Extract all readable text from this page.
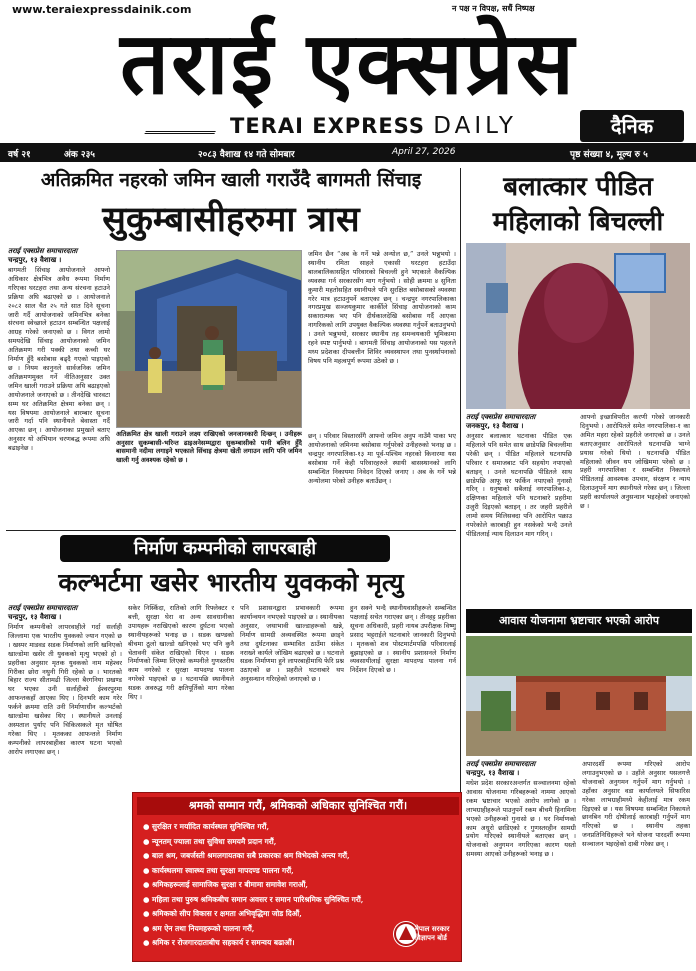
www.teraiexpressdainik.com	न पक्ष न विपक्ष, सधैं निष्पक्ष
तराई एक्सप्रेस
TERAI EXPRESS DAILY	दैनिक
वर्ष २१	अंक २३५	२०८३ वैशाख १४ गते सोमबार	April 27, 2026	पृष्ठ संख्या ४, मूल्य रु ५
अतिक्रमित नहरको जमिन खाली गराउँदै बागमती सिंचाइ
सुकुम्बासीहरुमा त्रास
बलात्कार पीडित
महिलाको बिचल्ली
तराई एक्सप्रेस समाचारदाता
चन्द्रपुर, १३ वैशाख ।
बागमती सिंचाइ आयोजनाले आफ्नो अधिकार क्षेत्रभित्र अवैध रूपमा निर्माण गरिएका घरटहरा तथा अन्य संरचना हटाउने प्रक्रिया अघि बढाएको छ । आयोजनाले २०८२ साल चैत २५ गते सात दिने सूचना जारी गर्दै आयोजनाको जमिनभित्र बनेका संरचना स्वेच्छाले हटाउन सम्बन्धित पक्षलाई आग्रह गरेको जनाएको छ । विगत लामो समयदेखि सिंचाइ आयोजनाको जमिन अतिक्रमण गरी पक्की तथा कच्ची घर निर्माण हुँदै बसोबास बढ्दै गएको पाइएको छ । नियम कानुनले सार्वजनिक जमिन अतिक्रमणमुक्त गर्ने नीतिअनुसार उक्त जमिन खाली गराउने प्रक्रिया अघि बढाइएको आयोजनाले जनाएको छ । तीनदेखि चारवटा सम्म घर अतिक्रमित क्षेत्रमा बनेका छन् । यस विषयमा आयोजनाले बारम्बार सूचना जारी गर्दा पनि स्थानीयले बेवास्ता गर्दै आएका छन् । आयोजनाका प्रमुखले बताए अनुसार यो अभियान चरणबद्ध रूपमा अघि बढाइनेछ ।
अतिक्रमित क्षेत्र खाली गराउने लक्ष्य राखिएको जनजानकारी दिन्छन् । उनीहरू अनुसार सुकम्बासी-भरिन्त ढाइअनेसम्मद्वारा सुकम्बासीको पानी बलिन हुँदै बासमानी नदीमा लगाइने भएकाले सिंचाइ क्षेत्रमा खेती लगाउन लागि पनि जमिन खाली गर्नु अवश्यक रहेको छ ।
जमिन छैन “अब के गर्ने भन्ने अन्योल छ,” उनले भन्नुभयो । स्थानीय रमिता साहले एकासी घरटहरा हटाउँदा बालबालिकासहित परिवारको बिचल्ली हुने भएकाले वैकल्पिक व्यवस्था गर्न सरकारसँग माग गर्नुभयो । सोही क्रममा ४ सुनिता कुमारी महतोसहित स्थानीयले पनि सुरक्षित बसोबासको व्यवस्था गरेर मात्र हटाउनुपर्ने बताएका छन् । चन्द्रपुर नगरपालिकाका नगरप्रमुख सञ्जयकुमार कार्कीले सिंचाइ आयोजनाको काम सकारात्मक भए पनि दीर्घकालदेखि बसोबास गर्दै आएका नागरिकको लागि उपयुक्त वैकल्पिक व्यवस्था गर्नुपर्ने बताउनुभयो । उनले भन्नुभयो, सरकार स्थानीय तह समन्वयकारी भूमिकामा रहने स्पष्ट पार्नुभयो । बागमती सिंचाइ आयोजनाको यस पहलले मध्य प्रदेशका दीपबत्तीन शिविर व्यवस्थापन तथा पुनर्स्थापनाको विषय पनि महत्वपूर्ण रूपमा उठेको छ ।
छन् । परिवार विस्तारसँगै आफ्नो जमिन अनुप नाउँमै पाका भए आयोजनाको जमिनमा बसोबास गर्नुपरेको उनीहरुको भनाइ छ । चन्द्रपुर नगरपालिका-१३ मा पूर्व-पश्चिम नहरको किनारमा यस बसोबास गर्ने केही परिवारहरुले स्थायी बासस्थानको लागि सम्बन्धित निकायमा निवेदन दिएको जनाए । अब के गर्ने भन्ने अन्योलमा परेको उनीहरु बताउँछन् ।
तराई एक्सप्रेस समाचारदाता
जनकपुर, १३ वैशाख ।
अनुसार बलात्कार घटनाका पीडित एक महिलाले पनि समेत साथ छाडेपछि बिचल्लीमा परेकी छन् । पीडित महिलाले घटनापछि परिवार र समाजबाट पनि सहयोग नपाएको बताइन् । उनले घटनापछि पीडितले साथ छाडेपछि आफू घर फर्किन नपाएको गुनासो गरिन् । धनुषाको सबैलाई नगरपालिका-३, दक्षिणका महिलाले पनि घटनाबारे प्रहरीमा उजुरी दिइएको बताइन् । तर जहरी प्रहरीले लामो समय मिलिसक्दा पनि आरोपित पक्राउ नपरेकोले कारबाही हुन नसकेको भन्दै उनले पीडितलाई न्याय दिलाउन माग गरिन् ।
आफ्नो इच्छाविपरीत करणी गरेको जानकारी दिनुभयो । आरोपितले समेत नगरपालिका-१ का अमित महरा रहेको प्रहरीले जनाएको छ । उनले बताएअनुसार आरोपितले घटनापछि भाग्ने प्रयास गरेको थियो । घटनापछि पीडित महिलाको जीवन थप जोखिममा परेको छ । प्रहरी नगरपालिका र सम्बन्धित निकायले पीडितलाई आवश्यक उपचार, संरक्षण र न्याय दिलाउनुपर्ने माग स्थानीयले गरेका छन् । जिल्ला प्रहरी कार्यालयले अनुसन्धान भइरहेको जनाएको छ ।
निर्माण कम्पनीको लापरबाही
कल्भर्टमा खसेर भारतीय युवकको मृत्यु
तराई एक्सप्रेस समाचारदाता
चन्द्रपुर, १३ वैशाख ।
निर्माण कम्पनीको लापरवाहीले गर्दा सर्लाही जिल्लामा एक भारतीय युवकको ज्यान गएको छ । खस्पर माडवड सडक निर्माणको लागि खनिएको खाल्डोमा खसेर ती युवकको मृत्यु भएको हो । प्रहरीका अनुसार मृतक युवकको नाम महेश्वर गिरीका छोरा नथुनी गिरी रहेको छ । भारतको बिहार राज्य सीतामढी जिल्ला बैरगनिया प्रखण्ड घर भएका उनी सर्लाहीको ईश्वरपुरमा आफन्तकहाँ आएका थिए । दिनभरि काम गरेर फर्कने क्रममा राति उनी निर्माणाधीन कल्भर्टको खाल्डोमा खसेका थिए । स्थानीयले उनलाई अस्पताल पुर्याए पनि चिकित्सकले मृत घोषित गरेका थिए । मृतकका आफन्तले निर्माण कम्पनीको लापरबाहीका कारण घटना भएको आरोप लगाएका छन् ।
सकेर निस्किँदा, रातिको लागि रिफ्लेक्टर र बत्ती, सुरक्षा घेरा वा अन्य सावधानीका उपायहरू नराखिएको कारण दुर्घटना भएको स्थानीयहरूको भनाइ छ । सडक खण्डको बीचमा ठूलो खाल्डो खनिएको भए पनि कुनै चेतावनी संकेत राखिएको थिएन । सडक निर्माणको जिम्मा लिएको कम्पनीले गुणस्तरीय काम नगरेको र सुरक्षा मापदण्ड पालना नगरेको पाइएको छ । घटनापछि स्थानीयले सडक अवरुद्ध गरी क्षतिपूर्तिको माग गरेका थिए ।
पनि प्रशासनद्वारा प्रभावकारी रूपमा कार्यान्वयन नभएको पाइएको छ । स्थानीयका अनुसार, जथाभावी खाल्डाहरूको खन्ने, निर्माण सामग्री अव्यवस्थित रूपमा छाड्ने तथा दुर्घटनाका सम्भावित ठाउँमा संकेत नराख्ने कार्यले जोखिम बढाएको छ । घटनाले सडक निर्माणमा हुने लापरबाहीमाथि फेरि प्रश्न उठाएको छ । प्रहरीले घटनाबारे थप अनुसन्धान गरिरहेको जनाएको छ ।
हुन सक्ने भन्दै स्थानीयवासीहरूले सम्बन्धित पक्षलाई सचेत गराएका छन् । तीनहट्ट प्रहरीका सूचना अधिकारी, प्रहरी नायब उपरीक्षक विष्णु प्रसाद भट्टराईले घटनाबारे जानकारी दिनुभयो । मृतकको शव पोस्टमार्टमपछि परिवारलाई बुझाइएको छ । स्थानीय प्रशासनले निर्माण व्यवसायीलाई सुरक्षा मापदण्ड पालना गर्न निर्देशन दिएको छ ।
आवास योजनामा भ्रष्टाचार भएको आरोप
तराई एक्सप्रेस समाचारदाता
चन्द्रपुर, १३ वैशाख ।
मधेश प्रदेश सरकारअन्तर्गत सञ्चालनमा रहेको आवास योजनामा गरिबहरूको नाममा आएको रकम भ्रष्टाचार भएको आरोप लागेको छ । लाभग्राहीहरूले पाउनुपर्ने रकम बीचमै हिनामिना भएको उनीहरूको गुनासो छ । घर निर्माणको काम अधुरो छाडिएको र गुणस्तरहीन सामग्री प्रयोग गरिएको स्थानीयले बताएका छन् । योजनाको अनुगमन नगरिएका कारण यस्तो समस्या आएको उनीहरूको भनाइ छ ।
अपारदर्शी रूपमा गरिएको आरोप लगाउनुभएको छ । उहाँले अनुसार यसलगत्तै योजनाको अनुगमन गर्नुपर्ने माग गर्नुभयो । उहाँका अनुसार वडा कार्यालयले सिफारिस गरेका लाभग्राहीमध्ये केहीलाई मात्र रकम दिइएको छ । यस विषयमा सम्बन्धित निकायले छानबिन गरी दोषीलाई कारबाही गर्नुपर्ने माग गरिएको छ । स्थानीय तहका जनप्रतिनिधिहरूले भने योजना पारदर्शी रूपमा सञ्चालन भइरहेको दाबी गरेका छन् ।
श्रमको सम्मान गरौं, श्रमिकको अधिकार सुनिश्चित गरौं।
● सुरक्षित र मर्यादित कार्यस्थल सुनिश्चित गरौं,
● न्यूनतम् ज्याला तथा सुविधा समयमै प्रदान गरौं,
● बाल श्रम, जबर्जस्ती श्रमलगायतका सबै प्रकारका श्रम विभेदको अन्त्य गरौं,
● कार्यस्थलमा स्वास्थ्य तथा सुरक्षा मापदण्ड पालना गरौं,
● श्रमिकहरूलाई सामाजिक सुरक्षा र बीमामा समावेश गराऔं,
● महिला तथा पुरुष श्रमिकबीच समान अवसर र समान पारिश्रमिक सुनिश्चित गरौं,
● श्रमिकको सीप विकास र क्षमता अभिवृद्धिमा जोड दिऔं,
● श्रम ऐन तथा नियमहरूको पालना गरौं,
● श्रमिक र रोजगारदाताबीच सहकार्य र समन्वय बढाऔं।
नेपाल सरकार
विज्ञापन बोर्ड
